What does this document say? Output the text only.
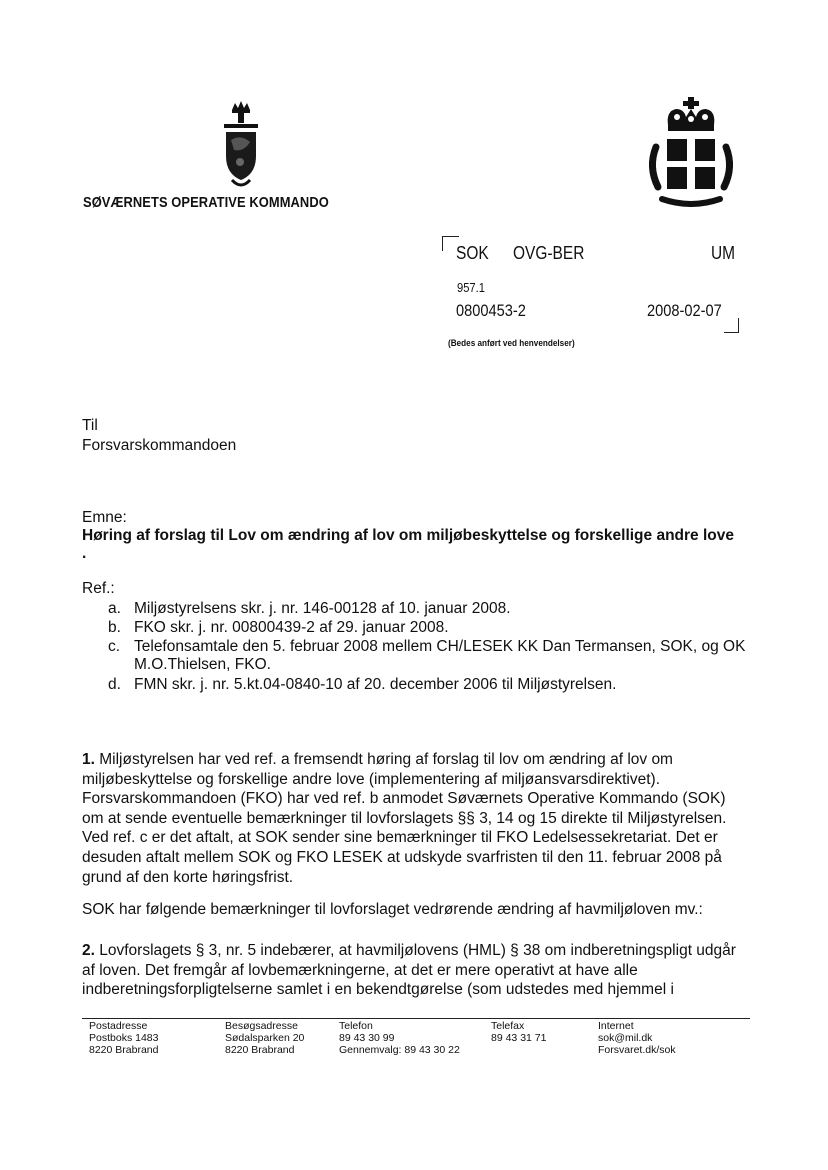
SØVÆRNETS OPERATIVE KOMMANDO
SOK OVG-BER	UM
957.1
0800453-2	2008-02-07
(Bedes anført ved henvendelser)
Til
Forsvarskommandoen
Emne:
Høring af forslag til Lov om ændring af lov om miljøbeskyttelse og forskellige andre love .
Ref.:
a. Miljøstyrelsens skr. j. nr. 146-00128 af 10. januar 2008.
b. FKO skr. j. nr. 00800439-2 af 29. januar 2008.
c. Telefonsamtale den 5. februar 2008 mellem CH/LESEK KK Dan Termansen, SOK, og OK M.O.Thielsen, FKO.
d. FMN skr. j. nr. 5.kt.04-0840-10 af 20. december 2006 til Miljøstyrelsen.
1. Miljøstyrelsen har ved ref. a fremsendt høring af forslag til lov om ændring af lov om miljøbeskyttelse og forskellige andre love (implementering af miljøansvarsdirektivet). Forsvarskommandoen (FKO) har ved ref. b anmodet Søværnets Operative Kommando (SOK) om at sende eventuelle bemærkninger til lovforslagets §§ 3, 14 og 15 direkte til Miljøstyrelsen. Ved ref. c er det aftalt, at SOK sender sine bemærkninger til FKO Ledelsessekretariat. Det er desuden aftalt mellem SOK og FKO LESEK at udskyde svarfristen til den 11. februar 2008 på grund af den korte høringsfrist.
SOK har følgende bemærkninger til lovforslaget vedrørende ændring af havmiljøloven mv.:
2. Lovforslagets § 3, nr. 5 indebærer, at havmiljølovens (HML) § 38 om indberetningspligt udgår af loven. Det fremgår af lovbemærkningerne, at det er mere operativt at have alle indberetningsforpligtelserne samlet i en bekendtgørelse (som udstedes med hjemmel i
Postadresse
Postboks 1483
8220 Brabrand
Besøgsadresse
Sødalsparken 20
8220 Brabrand
Telefon
89 43 30 99
Gennemvalg: 89 43 30 22
Telefax
89 43 31 71
Internet
sok@mil.dk
Forsvaret.dk/sok
